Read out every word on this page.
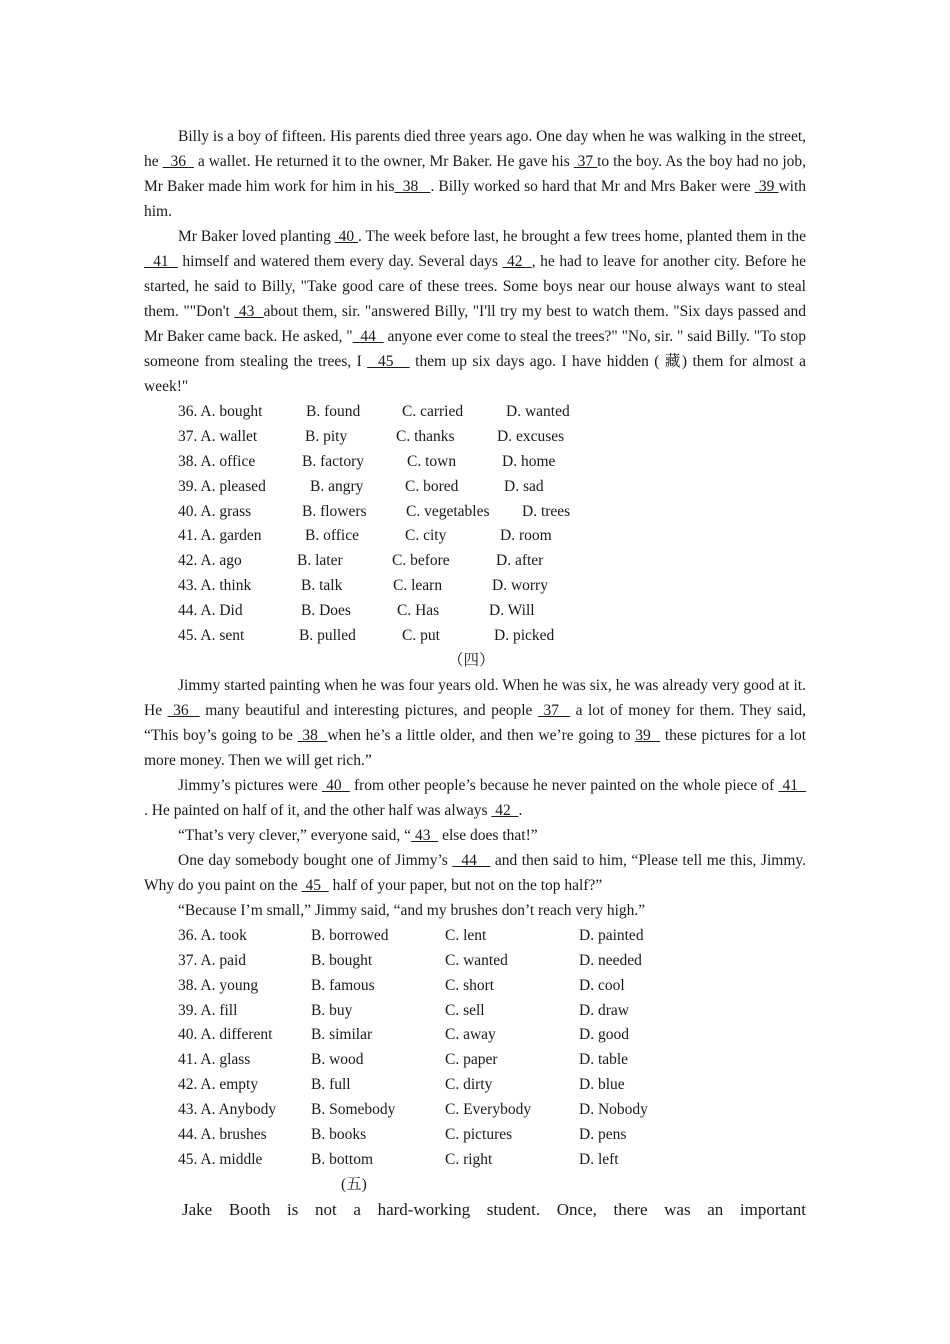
Billy is a boy of fifteen. His parents died three years ago. One day when he was walking in the street, he   36   a wallet. He returned it to the owner, Mr Baker. He gave his  37 to the boy. As the boy had no job, Mr Baker made him work for him in his  38   . Billy worked so hard that Mr and Mrs Baker were  39 with him.

Mr Baker loved planting  40 . The week before last, he brought a few trees home, planted them in the   41   himself and watered them every day. Several days  42  , he had to leave for another city. Before he started, he said to Billy, "Take good care of these trees. Some boys near our house always want to steal them. ""Don't  43  about them, sir. "answered Billy, "I'll try my best to watch them. "Six days passed and Mr Baker came back. He asked, "  44   anyone ever come to steal the trees?" "No, sir. " said Billy. "To stop someone from stealing the trees, I   45    them up six days ago. I have hidden ( 藏) them for almost a week!"

36. A. bought	B. found	C. carried	D. wanted
37. A. wallet	B. pity	C. thanks	D. excuses
38. A. office	B. factory	C. town	D. home
39. A. pleased	B. angry	C. bored	D. sad
40. A. grass	B. flowers	C. vegetables D. trees
41. A. garden	B. office	C. city	D. room
42. A. ago	B. later	C. before	D. after
43. A. think	B. talk	C. learn	D. worry
44. A. Did	B. Does	C. Has	D. Will
45. A. sent	B. pulled	C. put	D. picked
（四）

Jimmy started painting when he was four years old. When he was six, he was already very good at it. He  36   many beautiful and interesting pictures, and people  37   a lot of money for them. They said, “This boy’s going to be  38  when he’s a little older, and then we’re going to 39   these pictures for a lot more money. Then we will get rich.”

Jimmy’s pictures were  40   from other people’s because he never painted on the whole piece of  41   . He painted on half of it, and the other half was always  42  .

“That’s very clever,” everyone said, “ 43   else does that!”

One day somebody bought one of Jimmy’s   44    and then said to him, “Please tell me this, Jimmy. Why do you paint on the  45   half of your paper, but not on the top half?”

“Because I’m small,” Jimmy said, “and my brushes don’t reach very high.”

36. A. took	B. borrowed	C. lent	D. painted
37. A. paid	B. bought	C. wanted	D. needed
38. A. young	B. famous	C. short	D. cool
39. A. fill	B. buy	C. sell	D. draw
40. A. different B. similar	C. away	D. good
41. A. glass	B. wood	C. paper	D. table
42. A. empty	B. full	C. dirty	D. blue
43. A. Anybody B. Somebody	C. Everybody	D. Nobody
44. A. brushes	B. books	C. pictures	D. pens
45. A. middle	B. bottom	C. right	D. left
(五)

Jake Booth is not a hard-working student. Once, there was an important
